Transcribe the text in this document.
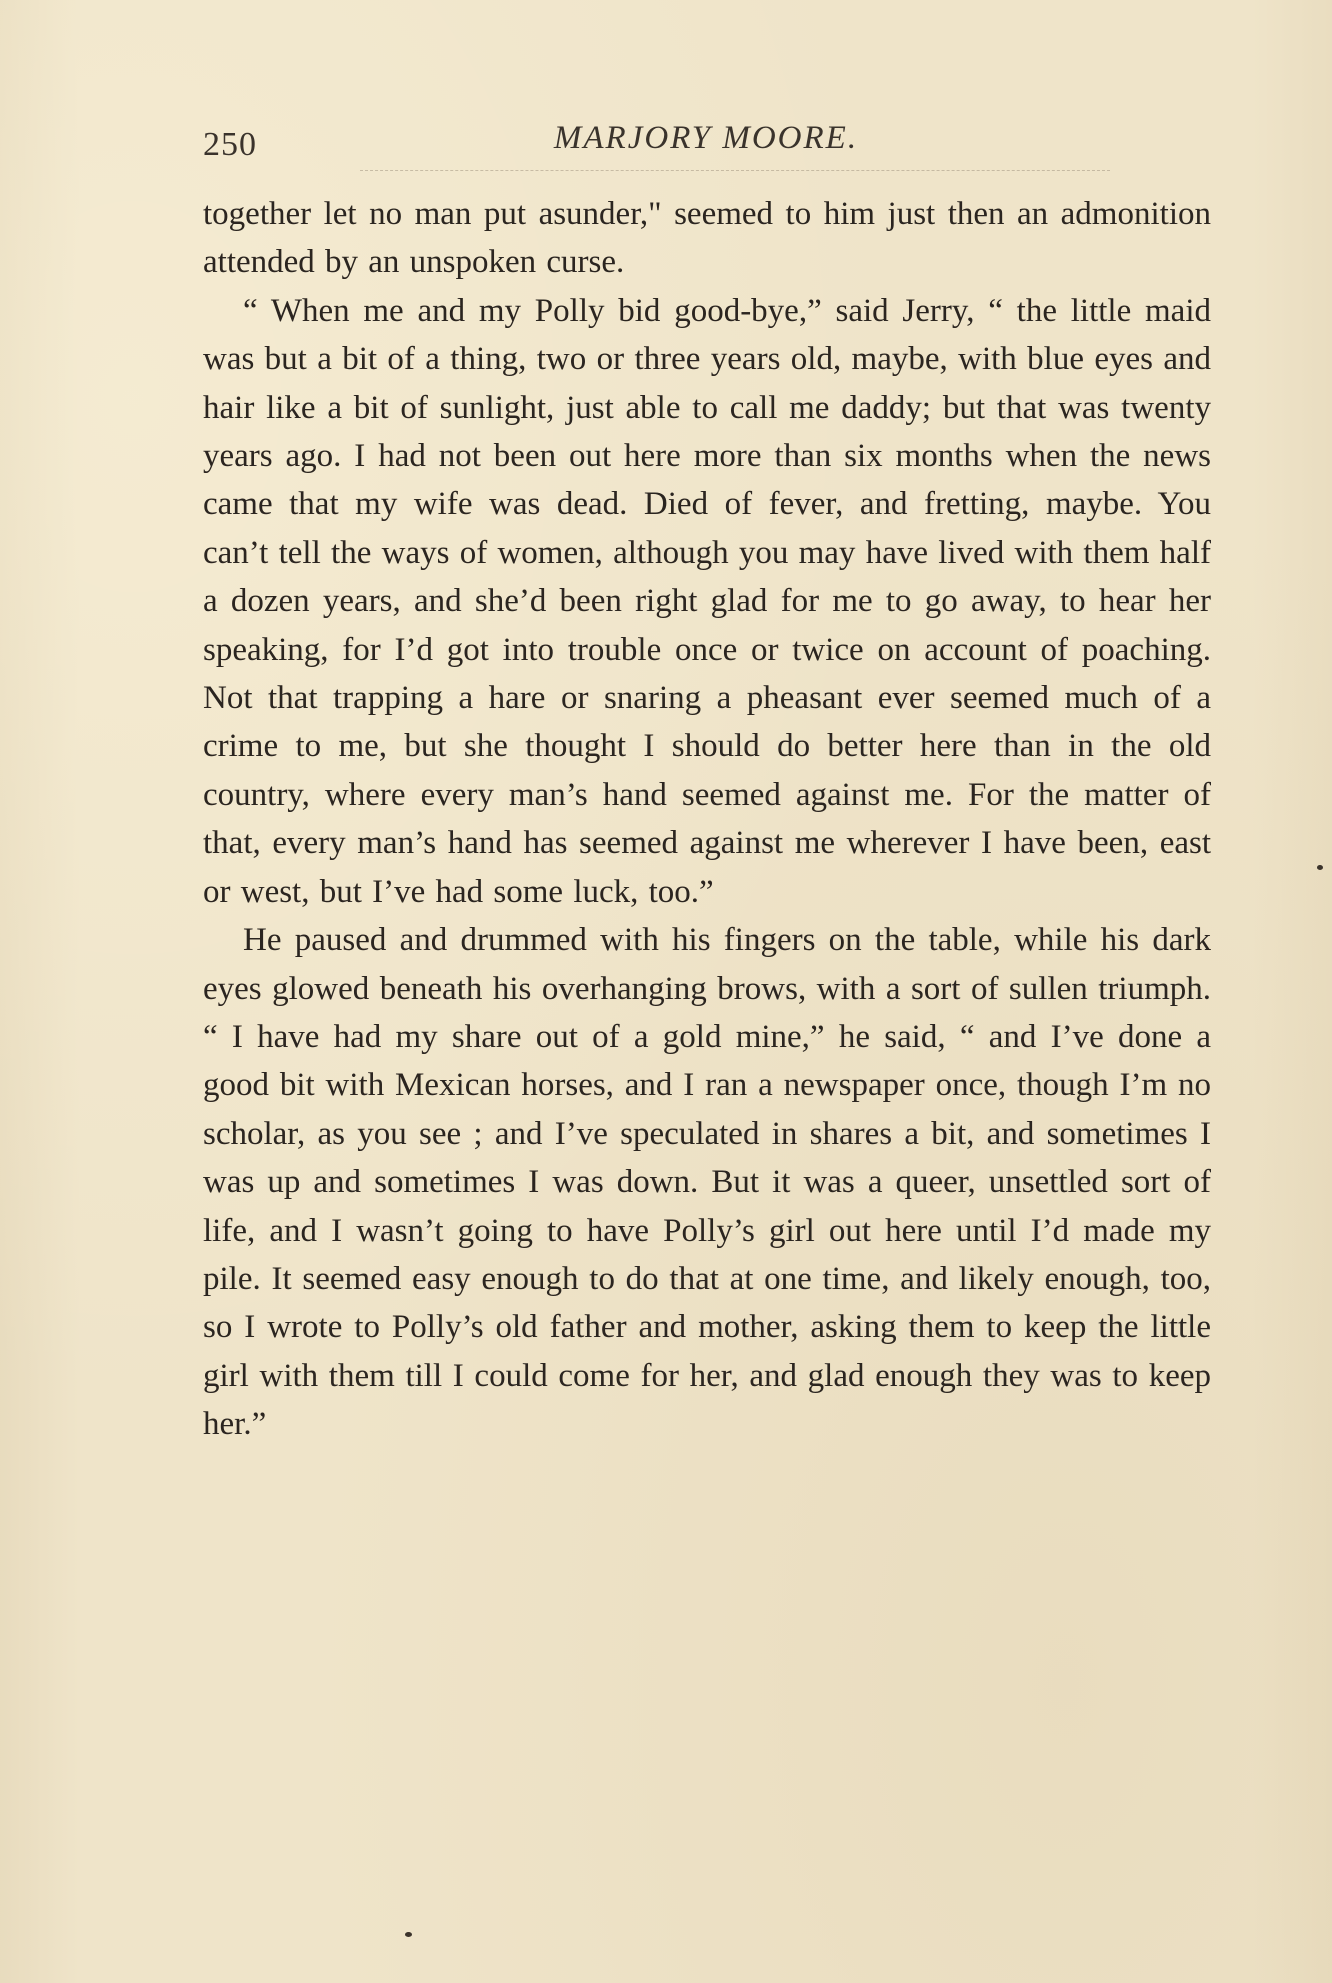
250	MARJORY MOORE.

together let no man put asunder," seemed to him just then an admonition attended by an unspoken curse.

“ When me and my Polly bid good-bye,” said Jerry, “ the little maid was but a bit of a thing, two or three years old, maybe, with blue eyes and hair like a bit of sunlight, just able to call me daddy; but that was twenty years ago. I had not been out here more than six months when the news came that my wife was dead. Died of fever, and fretting, maybe. You can’t tell the ways of women, although you may have lived with them half a dozen years, and she’d been right glad for me to go away, to hear her speaking, for I’d got into trouble once or twice on account of poaching. Not that trapping a hare or snaring a pheasant ever seemed much of a crime to me, but she thought I should do better here than in the old country, where every man’s hand seemed against me. For the matter of that, every man’s hand has seemed against me wherever I have been, east or west, but I’ve had some luck, too.”

He paused and drummed with his fingers on the table, while his dark eyes glowed beneath his overhanging brows, with a sort of sullen triumph. “ I have had my share out of a gold mine,” he said, “ and I’ve done a good bit with Mexican horses, and I ran a newspaper once, though I’m no scholar, as you see ; and I’ve speculated in shares a bit, and sometimes I was up and sometimes I was down. But it was a queer, unsettled sort of life, and I wasn’t going to have Polly’s girl out here until I’d made my pile. It seemed easy enough to do that at one time, and likely enough, too, so I wrote to Polly’s old father and mother, asking them to keep the little girl with them till I could come for her, and glad enough they was to keep her.”
